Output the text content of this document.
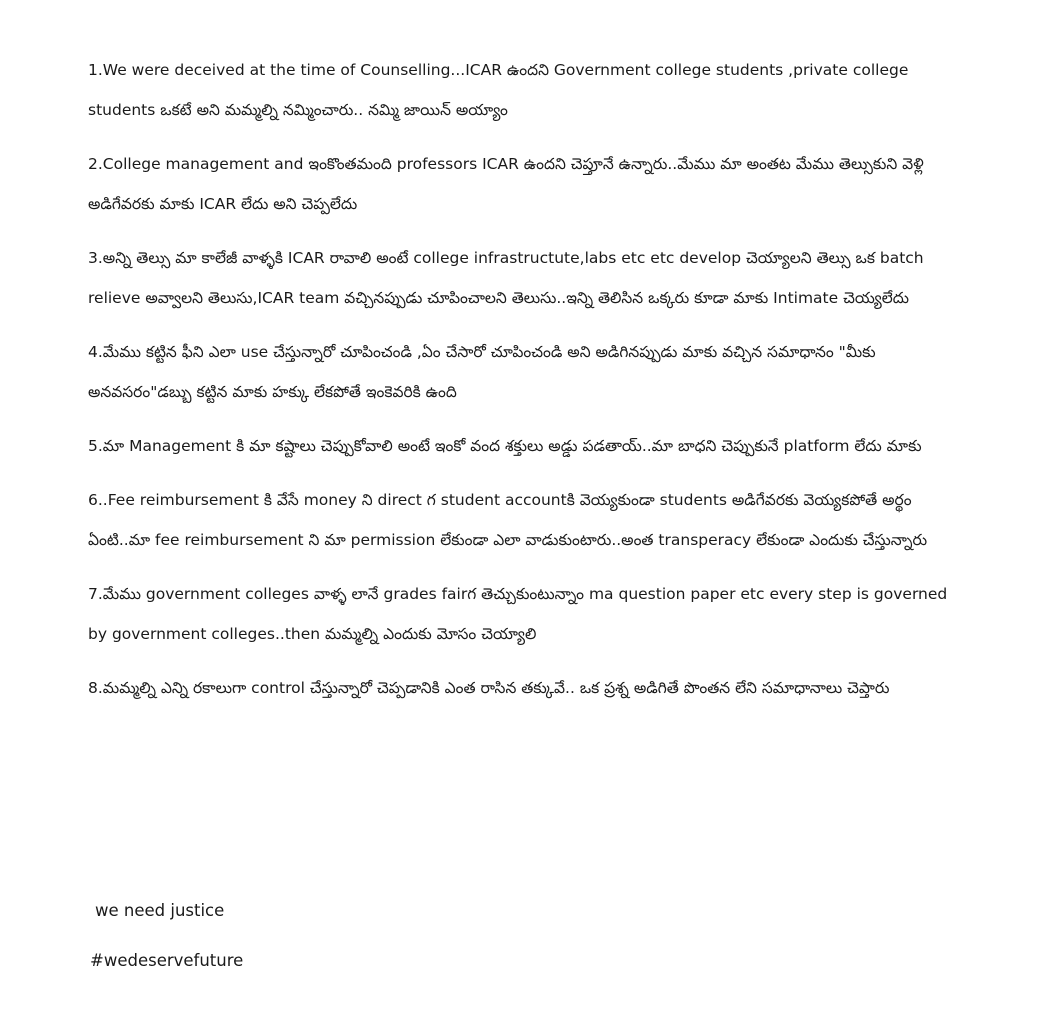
1.We were deceived at the time of Counselling...ICAR ఉందని Government college students ,private college students ఒకటే అని మమ్మల్ని నమ్మించారు.. నమ్మి జాయిన్ అయ్యాం
2.College management and ఇంకొంతమంది professors ICAR ఉందని చెప్తూనే ఉన్నారు..మేము మా అంతట మేము తెల్సుకుని వెళ్లి అడిగేవరకు మాకు ICAR లేదు అని చెప్పలేదు
3.అన్ని తెల్సు మా కాలేజీ వాళ్ళకి ICAR రావాలి అంటే college infrastructute,labs etc etc develop చెయ్యాలని తెల్సు ఒక batch relieve అవ్వాలని తెలుసు,ICAR team వచ్చినప్పుడు చూపించాలని తెలుసు..ఇన్ని తెలిసిన ఒక్కరు కూడా మాకు Intimate చెయ్యలేదు
4.మేము కట్టిన ఫీని ఎలా use చేస్తున్నారో చూపించండి ,ఏం చేసారో చూపించండి అని అడిగినప్పుడు మాకు వచ్చిన సమాధానం "మీకు అనవసరం"డబ్బు కట్టిన మాకు హక్కు లేకపోతే ఇంకెవరికి ఉంది
5.మా Management కి మా కష్టాలు చెప్పుకోవాలి అంటే ఇంకో వంద శక్తులు అడ్డు పడతాయ్..మా బాధని చెప్పుకునే platform లేదు మాకు
6..Fee reimbursement కి వేసే money ని direct గ student accountకి వెయ్యకుండా students అడిగేవరకు వెయ్యకపోతే అర్థం ఏంటి..మా fee reimbursement ని మా permission లేకుండా ఎలా వాడుకుంటారు..అంత transperacy లేకుండా ఎందుకు చేస్తున్నారు
7.మేము government colleges వాళ్ళ లానే grades fairగ తెచ్చుకుంటున్నాం ma question paper etc every step is governed by government colleges..then మమ్మల్ని ఎందుకు మోసం చెయ్యాలి
8.మమ్మల్ని ఎన్ని రకాలుగా control చేస్తున్నారో చెప్పడానికి ఎంత రాసిన తక్కువే.. ఒక ప్రశ్న అడిగితే పొంతన లేని సమాధానాలు చెప్తారు
we need justice
#wedeservefuture
